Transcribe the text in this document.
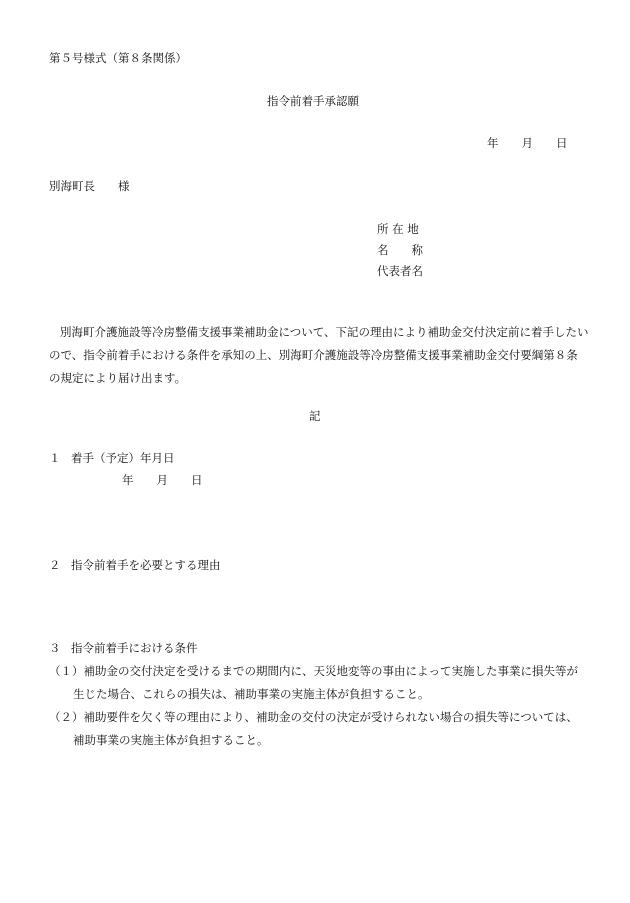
第５号様式（第８条関係）
指令前着手承認願
年　　月　　日
別海町長　　様
所 在 地
名　　称
代表者名
別海町介護施設等冷房整備支援事業補助金について、下記の理由により補助金交付決定前に着手したいので、指令前着手における条件を承知の上、別海町介護施設等冷房整備支援事業補助金交付要綱第８条の規定により届け出ます。
記
１ 着手（予定）年月日
年　　月　　日
２ 指令前着手を必要とする理由
３ 指令前着手における条件
（１）補助金の交付決定を受けるまでの期間内に、天災地変等の事由によって実施した事業に損失等が生じた場合、これらの損失は、補助事業の実施主体が負担すること。
（２）補助要件を欠く等の理由により、補助金の交付の決定が受けられない場合の損失等については、補助事業の実施主体が負担すること。
